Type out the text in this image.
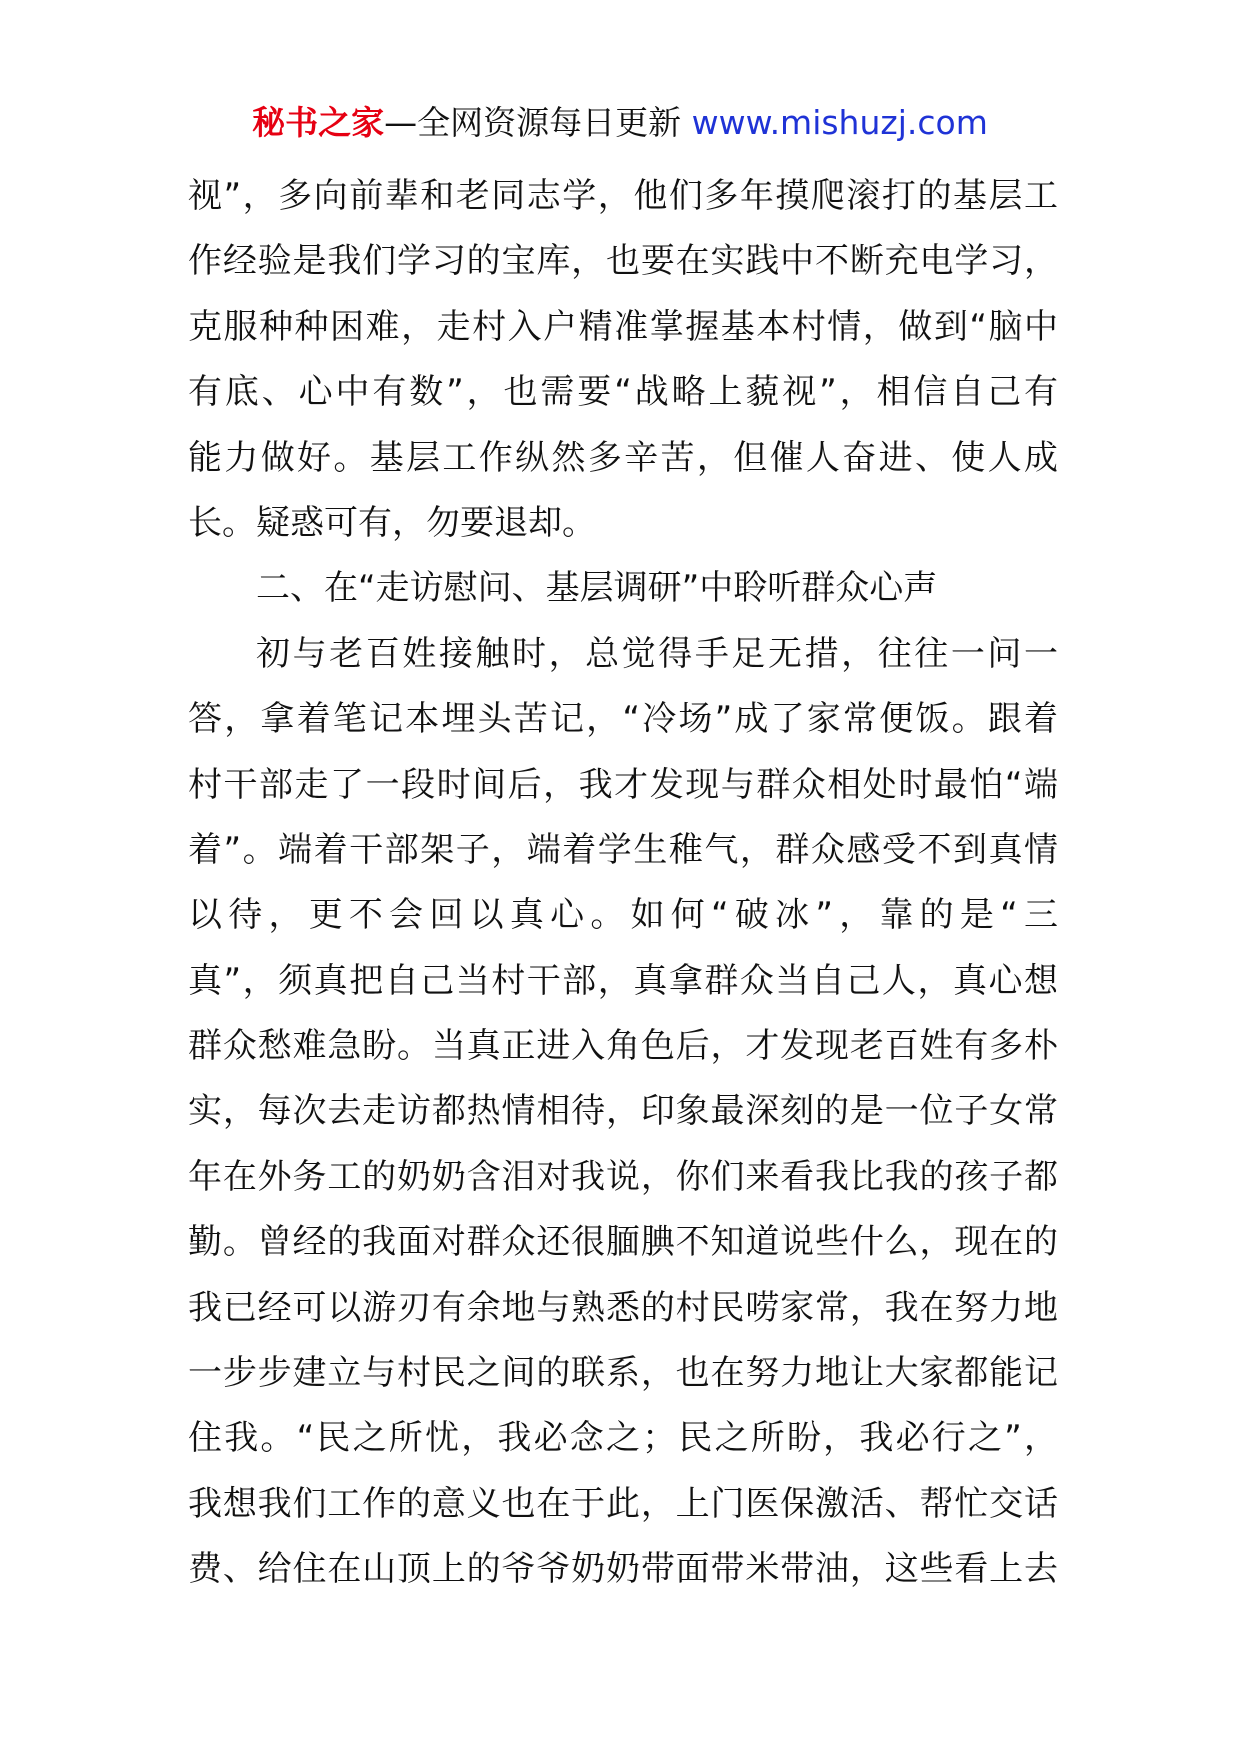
秘书之家—全网资源每日更新 www.mishuzj.com
视”，多向前辈和老同志学，他们多年摸爬滚打的基层工
作经验是我们学习的宝库，也要在实践中不断充电学习，
克服种种困难，走村入户精准掌握基本村情，做到“脑中
有底、心中有数”，也需要“战略上藐视”，相信自己有
能力做好。基层工作纵然多辛苦，但催人奋进、使人成
长。疑惑可有，勿要退却。
二、在“走访慰问、基层调研”中聆听群众心声
初与老百姓接触时，总觉得手足无措，往往一问一
答，拿着笔记本埋头苦记，“冷场”成了家常便饭。跟着
村干部走了一段时间后，我才发现与群众相处时最怕“端
着”。端着干部架子，端着学生稚气，群众感受不到真情
以待，更不会回以真心。如何“破冰”，靠的是“三
真”，须真把自己当村干部，真拿群众当自己人，真心想
群众愁难急盼。当真正进入角色后，才发现老百姓有多朴
实，每次去走访都热情相待，印象最深刻的是一位子女常
年在外务工的奶奶含泪对我说，你们来看我比我的孩子都
勤。曾经的我面对群众还很腼腆不知道说些什么，现在的
我已经可以游刃有余地与熟悉的村民唠家常，我在努力地
一步步建立与村民之间的联系，也在努力地让大家都能记
住我。“民之所忧，我必念之；民之所盼，我必行之”，
我想我们工作的意义也在于此，上门医保激活、帮忙交话
费、给住在山顶上的爷爷奶奶带面带米带油，这些看上去
